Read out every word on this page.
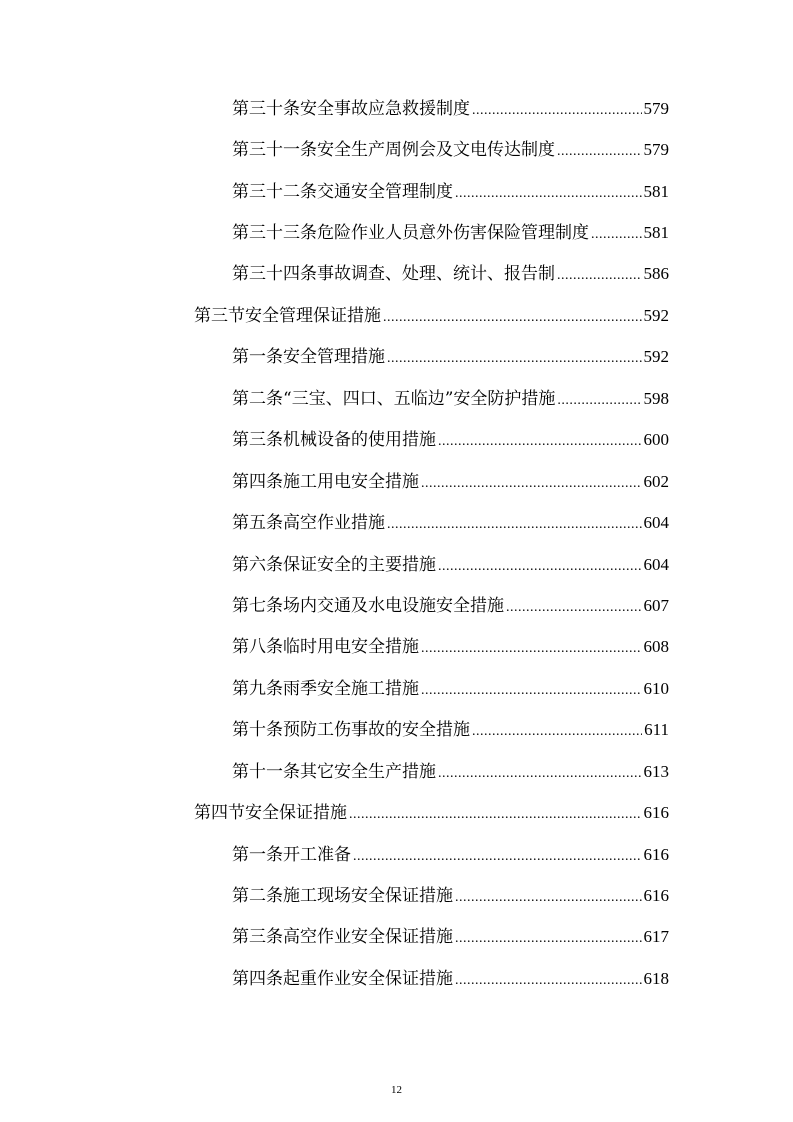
第三十条安全事故应急救援制度 .....	579
第三十一条安全生产周例会及文电传达制度 .....	579
第三十二条交通安全管理制度 .....	581
第三十三条危险作业人员意外伤害保险管理制度 .....	581
第三十四条事故调查、处理、统计、报告制 .....	586
第三节安全管理保证措施 .....	592
第一条安全管理措施 .....	592
第二条“三宝、四口、五临边”安全防护措施 .....	598
第三条机械设备的使用措施 .....	600
第四条施工用电安全措施 .....	602
第五条高空作业措施 .....	604
第六条保证安全的主要措施 .....	604
第七条场内交通及水电设施安全措施 .....	607
第八条临时用电安全措施 .....	608
第九条雨季安全施工措施 .....	610
第十条预防工伤事故的安全措施 .....	611
第十一条其它安全生产措施 .....	613
第四节安全保证措施 .....	616
第一条开工准备 .....	616
第二条施工现场安全保证措施 .....	616
第三条高空作业安全保证措施 .....	617
第四条起重作业安全保证措施 .....	618
12
